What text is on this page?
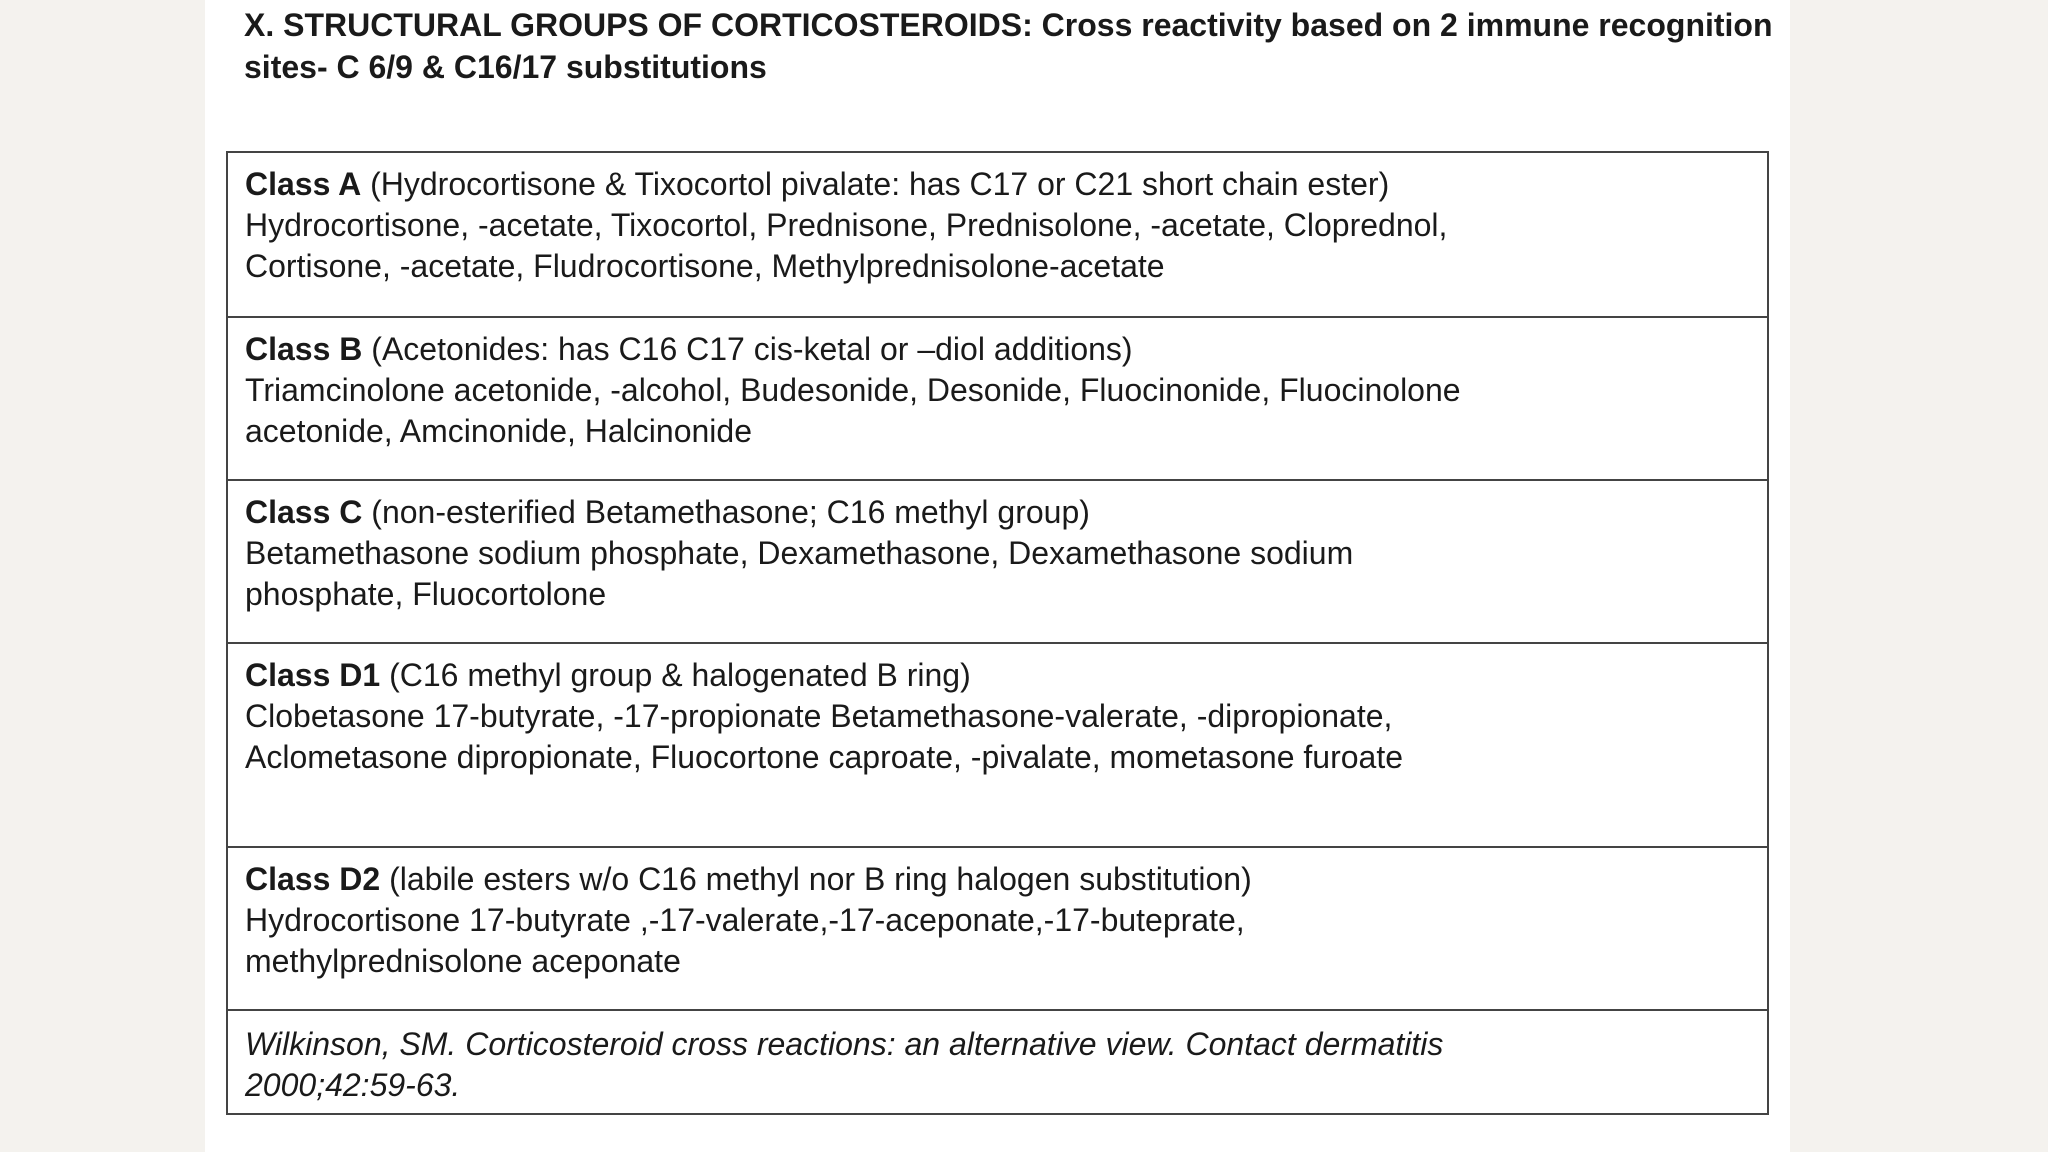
X. STRUCTURAL GROUPS OF CORTICOSTEROIDS: Cross reactivity based on 2 immune recognition sites- C 6/9 & C16/17 substitutions
Class A (Hydrocortisone & Tixocortol pivalate: has C17 or C21 short chain ester)
Hydrocortisone, -acetate, Tixocortol, Prednisone, Prednisolone, -acetate, Cloprednol, Cortisone, -acetate, Fludrocortisone, Methylprednisolone-acetate
Class B (Acetonides: has C16 C17 cis-ketal or –diol additions)
Triamcinolone acetonide, -alcohol, Budesonide, Desonide, Fluocinonide, Fluocinolone acetonide, Amcinonide, Halcinonide
Class C (non-esterified Betamethasone; C16 methyl group)
Betamethasone sodium phosphate, Dexamethasone, Dexamethasone sodium phosphate, Fluocortolone
Class D1 (C16 methyl group & halogenated B ring)
Clobetasone 17-butyrate, -17-propionate Betamethasone-valerate, -dipropionate, Aclometasone dipropionate, Fluocortone caproate, -pivalate, mometasone furoate
Class D2 (labile esters w/o C16 methyl nor B ring halogen substitution)
Hydrocortisone 17-butyrate ,-17-valerate,-17-aceponate,-17-buteprate, methylprednisolone aceponate
Wilkinson, SM. Corticosteroid cross reactions: an alternative view. Contact dermatitis 2000;42:59-63.
